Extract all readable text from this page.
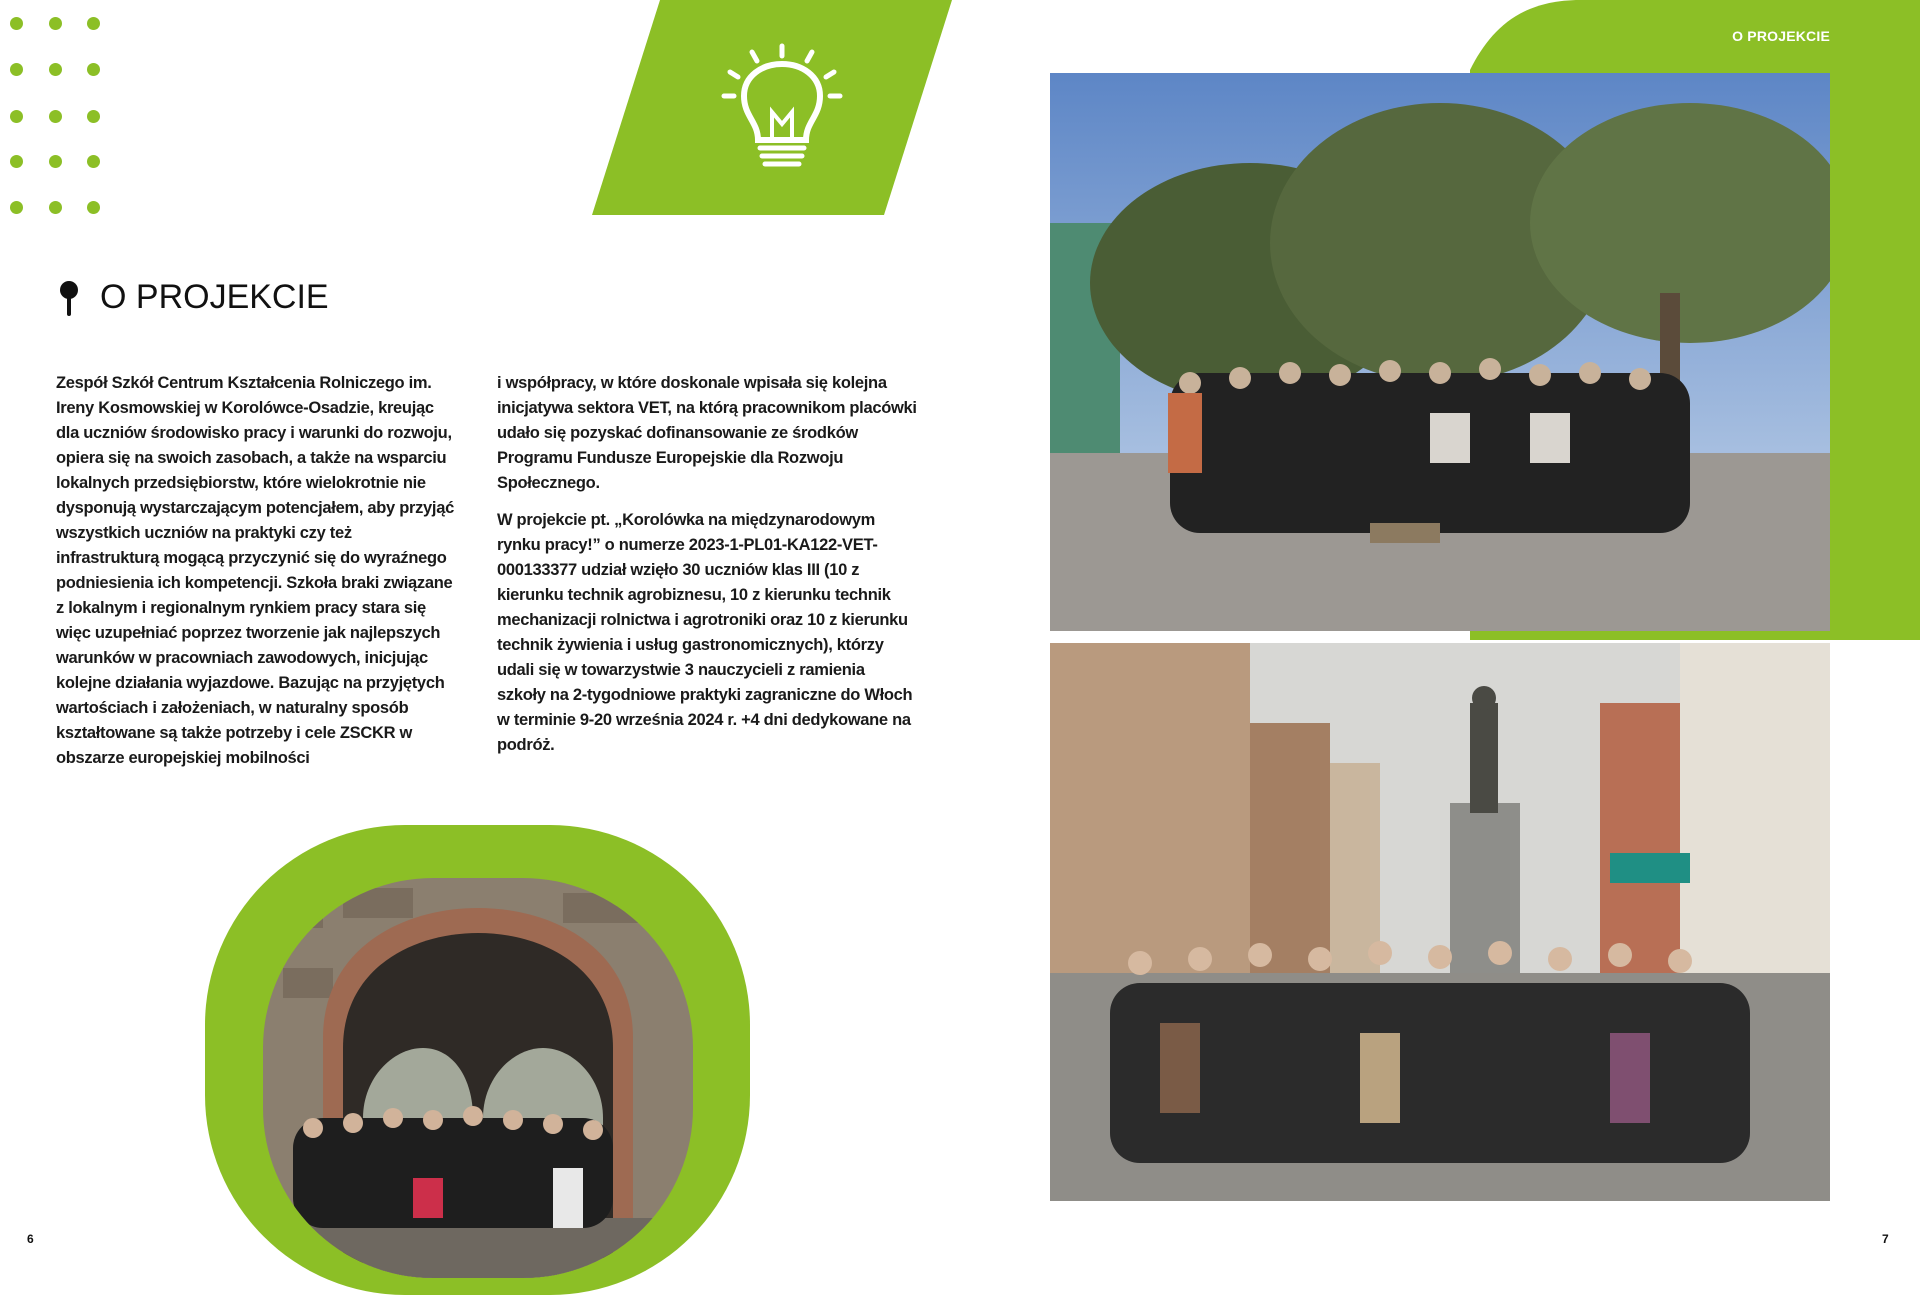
O PROJEKCIE
O PROJEKCIE

Zespół Szkół Centrum Kształcenia Rolniczego im. Ireny Kosmowskiej w Korolówce-Osadzie, kreując dla uczniów środowisko pracy i warunki do rozwoju, opiera się na swoich zasobach, a także na wsparciu lokalnych przedsiębiorstw, które wielokrotnie nie dysponują wystarczającym potencjałem, aby przyjąć wszystkich uczniów na praktyki czy też infrastrukturą mogącą przyczynić się do wyraźnego podniesienia ich kompetencji. Szkoła braki związane z lokalnym i regionalnym rynkiem pracy stara się więc uzupełniać poprzez tworzenie jak najlepszych warunków w pracowniach zawodowych, inicjując kolejne działania wyjazdowe. Bazując na przyjętych wartościach i założeniach, w naturalny sposób kształtowane są także potrzeby i cele ZSCKR w obszarze europejskiej mobilności

i współpracy, w które doskonale wpisała się kolejna inicjatywa sektora VET, na którą pracownikom placówki udało się pozyskać dofinansowanie ze środków Programu Fundusze Europejskie dla Rozwoju Społecznego.

W projekcie pt. „Korolówka na międzynarodowym rynku pracy!” o numerze 2023-1-PL01-KA122-VET-000133377 udział wzięło 30 uczniów klas III (10 z kierunku technik agrobiznesu, 10 z kierunku technik mechanizacji rolnictwa i agrotroniki oraz 10 z kierunku technik żywienia i usług gastronomicznych), którzy udali się w towarzystwie 3 nauczycieli z ramienia szkoły na 2-tygodniowe praktyki zagraniczne do Włoch w terminie 9-20 września 2024 r. +4 dni dedykowane na podróż.

6	7
